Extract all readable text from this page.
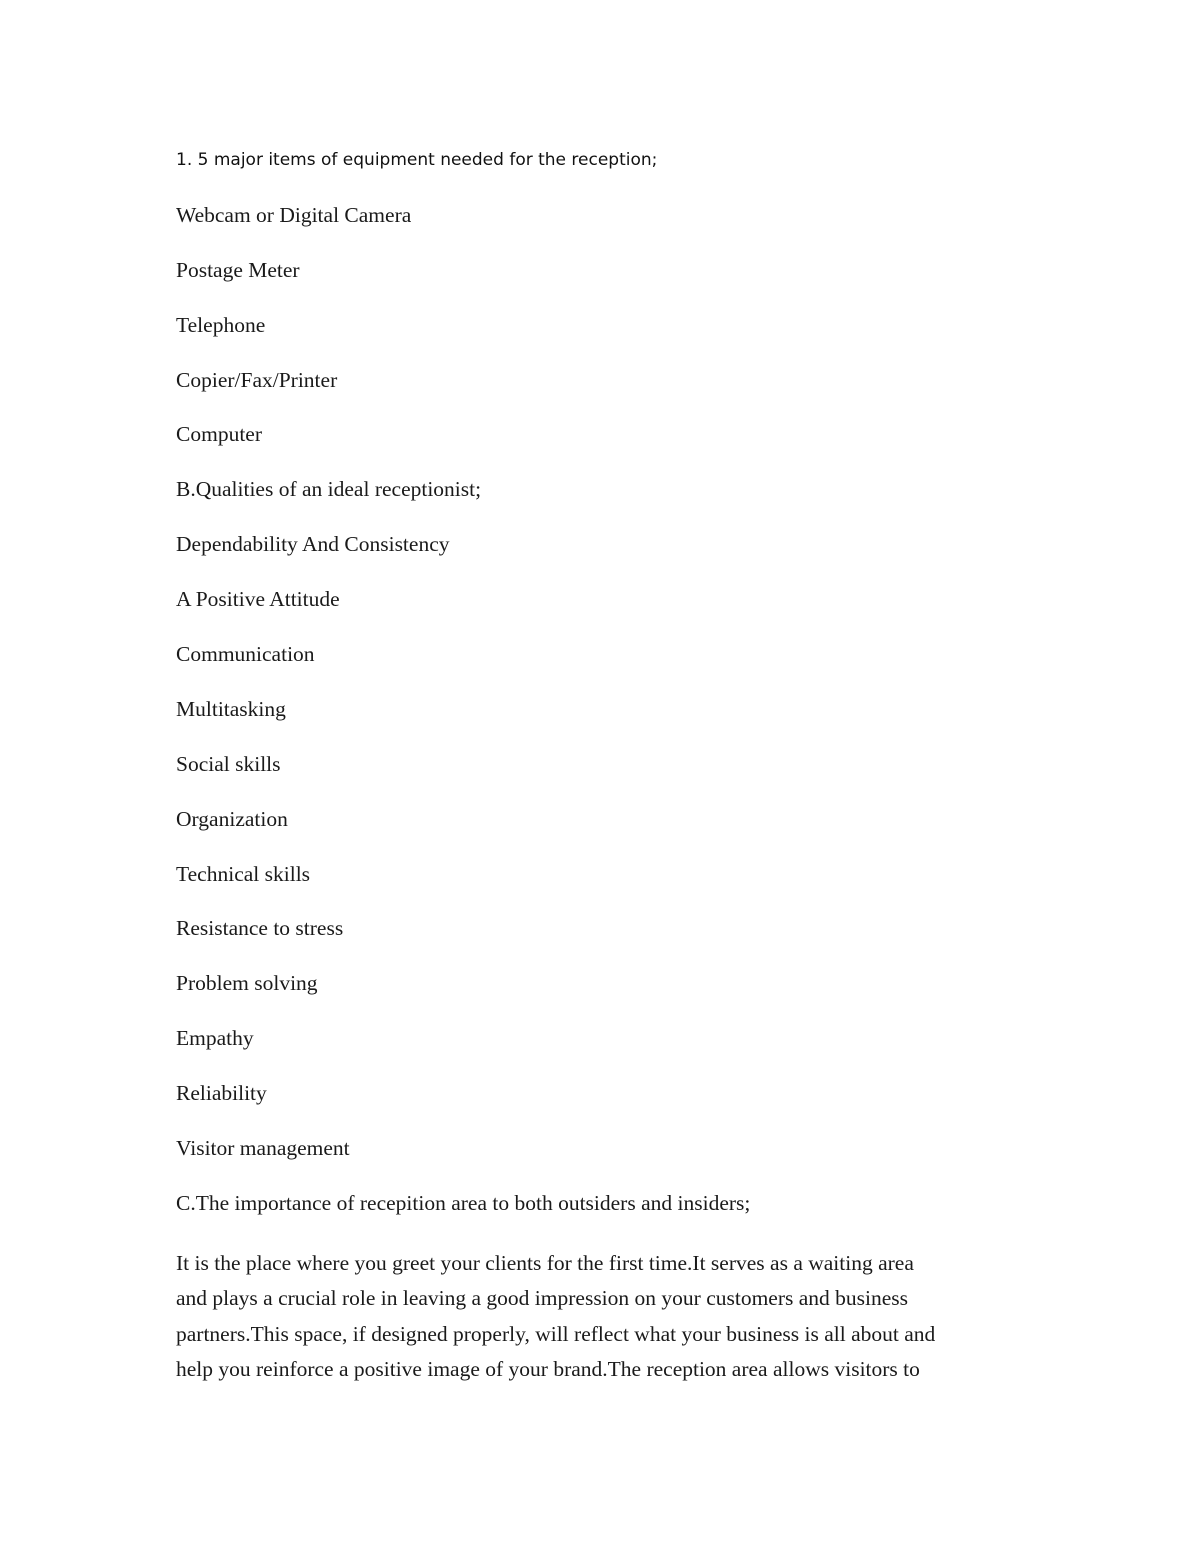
1. 5 major items of equipment needed for the reception;
Webcam or Digital Camera
Postage Meter
Telephone
Copier/Fax/Printer
Computer
B.Qualities of an ideal receptionist;
Dependability And Consistency
A Positive Attitude
Communication
Multitasking
Social skills
Organization
Technical skills
Resistance to stress
Problem solving
Empathy
Reliability
Visitor management
C.The importance of recepition area to both outsiders and insiders;
It is the place where you greet your clients for the first time.It serves as a waiting area
and plays a crucial role in leaving a good impression on your customers and business
partners.This space, if designed properly, will reflect what your business is all about and
help you reinforce a positive image of your brand.The reception area allows visitors to
